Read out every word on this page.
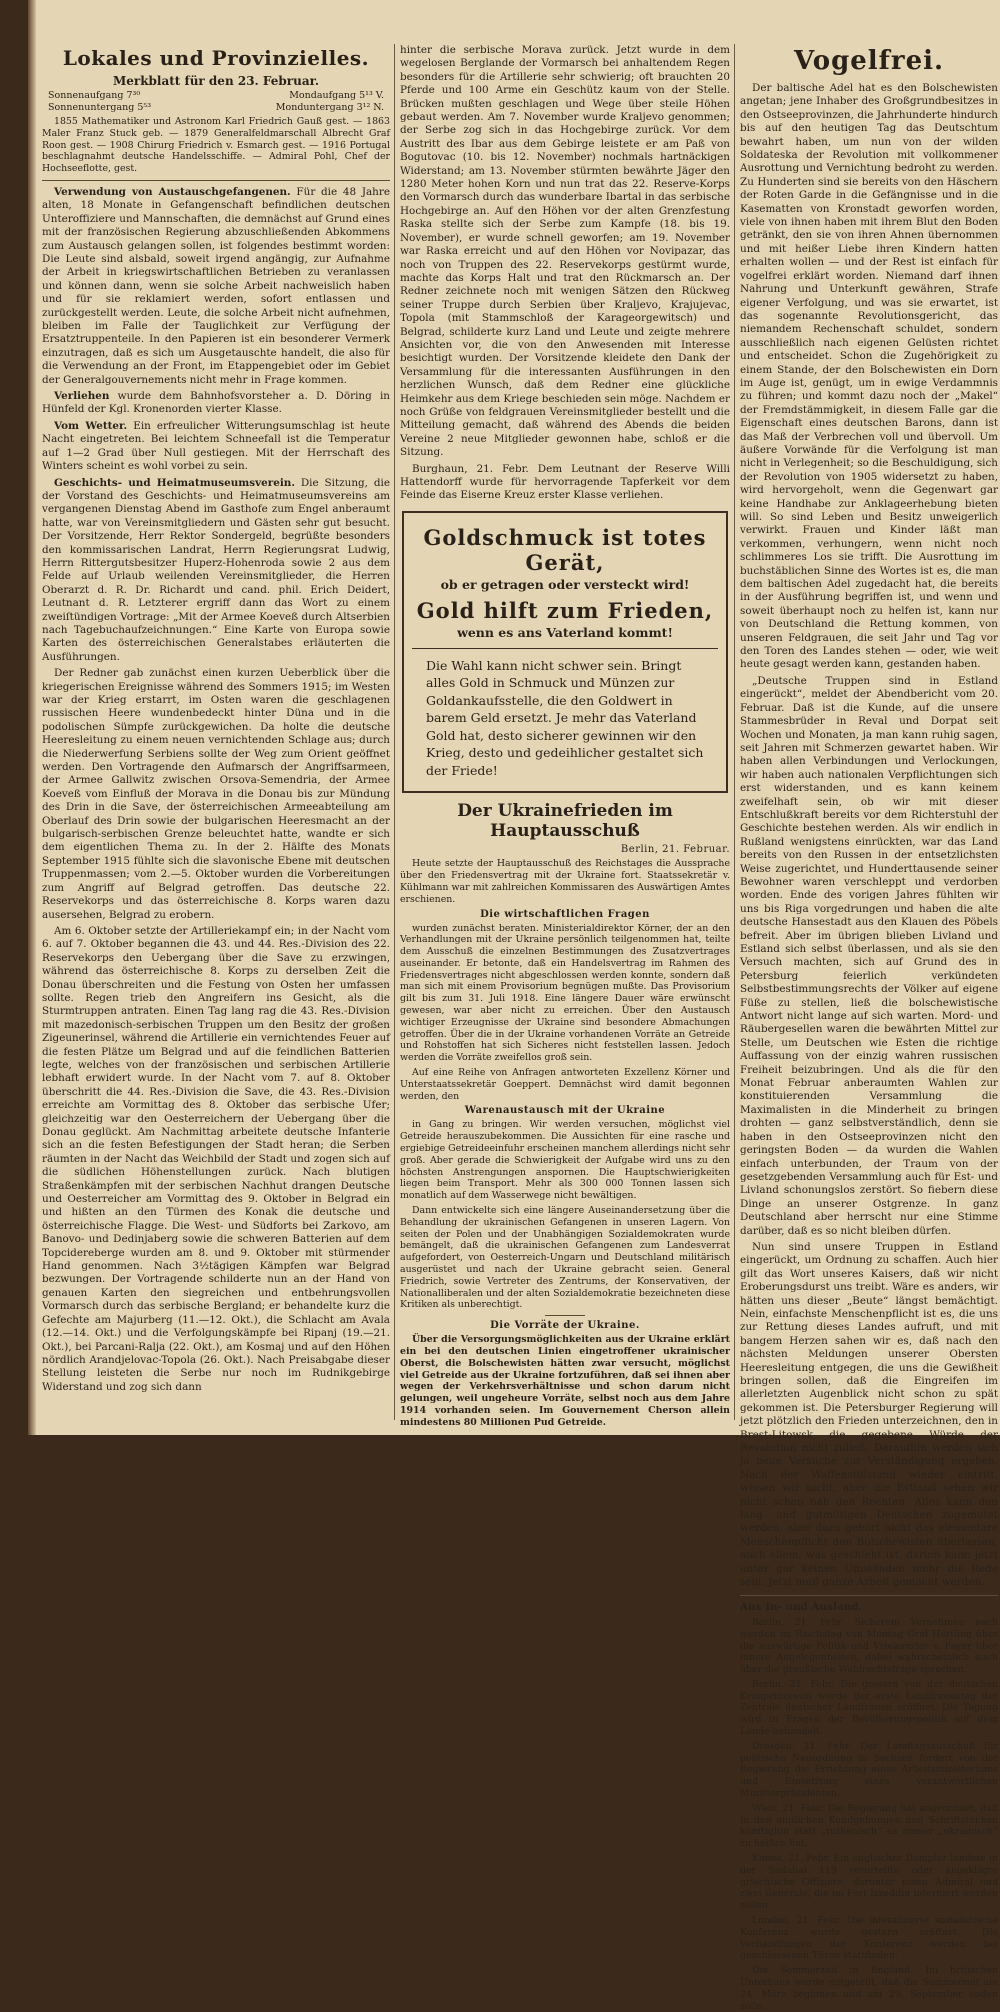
Lokales und Provinzielles.
Merkblatt für den 23. Februar.
Sonnenaufgang 7³⁰	Mondaufgang 5¹³ V.
Sonnenuntergang 5⁵³	Monduntergang 3¹² N.
1855 Mathematiker und Astronom Karl Friedrich Gauß gest. — 1863 Maler Franz Stuck geb. — 1879 Generalfeldmarschall Albrecht Graf Roon gest. — 1908 Chirurg Friedrich v. Esmarch gest. — 1916 Portugal beschlagnahmt deutsche Handelsschiffe. — Admiral Pohl, Chef der Hochseeflotte, gest.
Verwendung von Austauschgefangenen. Für die 48 Jahre alten, 18 Monate in Gefangenschaft befindlichen deutschen Unteroffiziere und Mannschaften, die demnächst auf Grund eines mit der französischen Regierung abzuschließenden Abkommens zum Austausch gelangen sollen, ist folgendes bestimmt worden: Die Leute sind alsbald, soweit irgend angängig, zur Aufnahme der Arbeit in kriegswirtschaftlichen Betrieben zu veranlassen und können dann, wenn sie solche Arbeit nachweislich haben und für sie reklamiert werden, sofort entlassen und zurückgestellt werden. Leute, die solche Arbeit nicht aufnehmen, bleiben im Falle der Tauglichkeit zur Verfügung der Ersatztruppenteile. In den Papieren ist ein besonderer Vermerk einzutragen, daß es sich um Ausgetauschte handelt, die also für die Verwendung an der Front, im Etappengebiet oder im Gebiet der Generalgouvernements nicht mehr in Frage kommen.
Verliehen wurde dem Bahnhofsvorsteher a. D. Döring in Hünfeld der Kgl. Kronenorden vierter Klasse.
Vom Wetter. Ein erfreulicher Witterungsumschlag ist heute Nacht eingetreten. Bei leichtem Schneefall ist die Temperatur auf 1—2 Grad über Null gestiegen. Mit der Herrschaft des Winters scheint es wohl vorbei zu sein.
Geschichts- und Heimatmuseumsverein. Die Sitzung, die der Vorstand des Geschichts- und Heimatmuseumsvereins am vergangenen Dienstag Abend im Gasthofe zum Engel anberaumt hatte, war von Vereinsmitgliedern und Gästen sehr gut besucht. Der Vorsitzende, Herr Rektor Sondergeld, begrüßte besonders den kommissarischen Landrat, Herrn Regierungsrat Ludwig, Herrn Rittergutsbesitzer Huperz-Hohenroda sowie 2 aus dem Felde auf Urlaub weilenden Vereinsmitglieder, die Herren Oberarzt d. R. Dr. Richardt und cand. phil. Erich Deidert, Leutnant d. R. Letzterer ergriff dann das Wort zu einem zweiſtündigen Vortrage: „Mit der Armee Koeveß durch Altserbien nach Tagebuchaufzeichnungen.“ Eine Karte von Europa sowie Karten des österreichischen Generalstabes erläuterten die Ausführungen.
Der Redner gab zunächst einen kurzen Ueberblick über die kriegerischen Ereignisse während des Sommers 1915; im Westen war der Krieg erstarrt, im Osten waren die geschlagenen russischen Heere wundenbedeckt hinter Düna und in die podolischen Sümpfe zurückgewichen. Da holte die deutsche Heeresleitung zu einem neuen vernichtenden Schlage aus; durch die Niederwerfung Serbiens sollte der Weg zum Orient geöffnet werden. Den Vortragende den Aufmarsch der Angriffsarmeen, der Armee Gallwitz zwischen Orsova-Semendria, der Armee Koeveß vom Einfluß der Morava in die Donau bis zur Mündung des Drin in die Save, der österreichischen Armeeabteilung am Oberlauf des Drin sowie der bulgarischen Heeresmacht an der bulgarisch-serbischen Grenze beleuchtet hatte, wandte er sich dem eigentlichen Thema zu. In der 2. Hälfte des Monats September 1915 fühlte sich die slavonische Ebene mit deutschen Truppenmassen; vom 2.—5. Oktober wurden die Vorbereitungen zum Angriff auf Belgrad getroffen. Das deutsche 22. Reservekorps und das österreichische 8. Korps waren dazu ausersehen, Belgrad zu erobern.
Am 6. Oktober setzte der Artilleriekampf ein; in der Nacht vom 6. auf 7. Oktober begannen die 43. und 44. Res.-Division des 22. Reservekorps den Uebergang über die Save zu erzwingen, während das österreichische 8. Korps zu derselben Zeit die Donau überschreiten und die Festung von Osten her umfassen sollte. Regen trieb den Angreifern ins Gesicht, als die Sturmtruppen antraten. Einen Tag lang rag die 43. Res.-Division mit mazedonisch-serbischen Truppen um den Besitz der großen Zigeunerinsel, während die Artillerie ein vernichtendes Feuer auf die festen Plätze um Belgrad und auf die feindlichen Batterien legte, welches von der französischen und serbischen Artillerie lebhaft erwidert wurde. In der Nacht vom 7. auf 8. Oktober überschritt die 44. Res.-Division die Save, die 43. Res.-Division erreichte am Vormittag des 8. Oktober das serbische Ufer; gleichzeitig war den Oesterreichern der Uebergang über die Donau geglückt. Am Nachmittag arbeitete deutsche Infanterie sich an die festen Befestigungen der Stadt heran; die Serben räumten in der Nacht das Weichbild der Stadt und zogen sich auf die südlichen Höhenstellungen zurück. Nach blutigen Straßenkämpfen mit der serbischen Nachhut drangen Deutsche und Oesterreicher am Vormittag des 9. Oktober in Belgrad ein und hißten an den Türmen des Konak die deutsche und österreichische Flagge. Die West- und Südforts bei Zarkovo, am Banovo- und Dedinjaberg sowie die schweren Batterien auf dem Topcidereberge wurden am 8. und 9. Oktober mit stürmender Hand genommen. Nach 3½tägigen Kämpfen war Belgrad bezwungen. Der Vortragende schilderte nun an der Hand von genauen Karten den siegreichen und entbehrungsvollen Vormarsch durch das serbische Bergland; er behandelte kurz die Gefechte am Majurberg (11.—12. Okt.), die Schlacht am Avala (12.—14. Okt.) und die Verfolgungskämpfe bei Ripanj (19.—21. Okt.), bei Parcani-Ralja (22. Okt.), am Kosmaj und auf den Höhen nördlich Arandjelovac-Topola (26. Okt.). Nach Preisabgabe dieser Stellung leisteten die Serbe nur noch im Rudnikgebirge Widerstand und zog sich dann
hinter die serbische Morava zurück. Jetzt wurde in dem wegelosen Berglande der Vormarsch bei anhaltendem Regen besonders für die Artillerie sehr schwierig; oft brauchten 20 Pferde und 100 Arme ein Geschütz kaum von der Stelle. Brücken mußten geschlagen und Wege über steile Höhen gebaut werden. Am 7. November wurde Kraljevo genommen; der Serbe zog sich in das Hochgebirge zurück. Vor dem Austritt des Ibar aus dem Gebirge leistete er am Paß von Bogutovac (10. bis 12. November) nochmals hartnäckigen Widerstand; am 13. November stürmten bewährte Jäger den 1280 Meter hohen Korn und nun trat das 22. Reserve-Korps den Vormarsch durch das wunderbare Ibartal in das serbische Hochgebirge an. Auf den Höhen vor der alten Grenzfestung Raska stellte sich der Serbe zum Kampfe (18. bis 19. November), er wurde schnell geworfen; am 19. November war Raska erreicht und auf den Höhen vor Novipazar, das noch von Truppen des 22. Reservekorps gestürmt wurde, machte das Korps Halt und trat den Rückmarsch an. Der Redner zeichnete noch mit wenigen Sätzen den Rückweg seiner Truppe durch Serbien über Kraljevo, Krajujevac, Topola (mit Stammschloß der Karageorgewitsch) und Belgrad, schilderte kurz Land und Leute und zeigte mehrere Ansichten vor, die von den Anwesenden mit Interesse besichtigt wurden. Der Vorsitzende kleidete den Dank der Versammlung für die interessanten Ausführungen in den herzlichen Wunsch, daß dem Redner eine glückliche Heimkehr aus dem Kriege beschieden sein möge. Nachdem er noch Grüße von feldgrauen Vereinsmitglieder bestellt und die Mitteilung gemacht, daß während des Abends die beiden Vereine 2 neue Mitglieder gewonnen habe, schloß er die Sitzung.
Burghaun, 21. Febr. Dem Leutnant der Reserve Willi Hattendorff wurde für hervorragende Tapferkeit vor dem Feinde das Eiserne Kreuz erster Klasse verliehen.
Goldschmuck ist totes Gerät,
ob er getragen oder versteckt wird!
Gold hilft zum Frieden,
wenn es ans Vaterland kommt!
Die Wahl kann nicht schwer sein. Bringt alles Gold in Schmuck und Münzen zur Goldankaufsstelle, die den Goldwert in barem Geld ersetzt. Je mehr das Vaterland Gold hat, desto sicherer gewinnen wir den Krieg, desto und gedeihlicher gestaltet sich der Friede!
Der Ukrainefrieden im Hauptausschuß
Berlin, 21. Februar.
Heute setzte der Hauptausschuß des Reichstages die Aussprache über den Friedensvertrag mit der Ukraine fort. Staatssekretär v. Kühlmann war mit zahlreichen Kommissaren des Auswärtigen Amtes erschienen.
Die wirtschaftlichen Fragen
wurden zunächst beraten. Ministerialdirektor Körner, der an den Verhandlungen mit der Ukraine persönlich teilgenommen hat, teilte dem Ausschuß die einzelnen Bestimmungen des Zusatzvertrages auseinander. Er betonte, daß ein Handelsvertrag im Rahmen des Friedensvertrages nicht abgeschlossen werden konnte, sondern daß man sich mit einem Provisorium begnügen mußte. Das Provisorium gilt bis zum 31. Juli 1918. Eine längere Dauer wäre erwünscht gewesen, war aber nicht zu erreichen. Über den Austausch wichtiger Erzeugnisse der Ukraine sind besondere Abmachungen getroffen. Über die in der Ukraine vorhandenen Vorräte an Getreide und Rohstoffen hat sich Sicheres nicht feststellen lassen. Jedoch werden die Vorräte zweifellos groß sein.
Auf eine Reihe von Anfragen antworteten Exzellenz Körner und Unterstaatssekretär Goeppert. Demnächst wird damit begonnen werden, den
Warenaustausch mit der Ukraine
in Gang zu bringen. Wir werden versuchen, möglichst viel Getreide herauszubekommen. Die Aussichten für eine rasche und ergiebige Getreideeinfuhr erscheinen manchem allerdings nicht sehr groß. Aber gerade die Schwierigkeit der Aufgabe wird uns zu den höchsten Anstrengungen anspornen. Die Hauptschwierigkeiten liegen beim Transport. Mehr als 300 000 Tonnen lassen sich monatlich auf dem Wasserwege nicht bewältigen.
Dann entwickelte sich eine längere Auseinandersetzung über die Behandlung der ukrainischen Gefangenen in unseren Lagern. Von seiten der Polen und der Unabhängigen Sozialdemokraten wurde bemängelt, daß die ukrainischen Gefangenen zum Landesverrat aufgefordert, von Oesterreich-Ungarn und Deutschland militärisch ausgerüstet und nach der Ukraine gebracht seien. General Friedrich, sowie Vertreter des Zentrums, der Konservativen, der Nationalliberalen und der alten Sozialdemokratie bezeichneten diese Kritiken als unberechtigt.
Die Vorräte der Ukraine.
Über die Versorgungsmöglichkeiten aus der Ukraine erklärt ein bei den deutschen Linien eingetroffener ukrainischer Oberst, die Bolschewisten hätten zwar versucht, möglichst viel Getreide aus der Ukraine fortzuführen, daß sei ihnen aber wegen der Verkehrsverhältnisse und schon darum nicht gelungen, weil ungeheure Vorräte, selbst noch aus dem Jahre 1914 vorhanden seien. Im Gouvernement Cherson allein mindestens 80 Millionen Pud Getreide.
Vogelfrei.
Der baltische Adel hat es den Bolschewisten angetan; jene Inhaber des Großgrundbesitzes in den Ostseeprovinzen, die Jahrhunderte hindurch bis auf den heutigen Tag das Deutschtum bewahrt haben, um nun von der wilden Soldateska der Revolution mit vollkommener Ausrottung und Vernichtung bedroht zu werden. Zu Hunderten sind sie bereits von den Häschern der Roten Garde in die Gefängnisse und in die Kasematten von Kronstadt geworfen worden, viele von ihnen haben mit ihrem Blut den Boden getränkt, den sie von ihren Ahnen übernommen und mit heißer Liebe ihren Kindern hatten erhalten wollen — und der Rest ist einfach für vogelfrei erklärt worden. Niemand darf ihnen Nahrung und Unterkunft gewähren, Strafe eigener Verfolgung, und was sie erwartet, ist das sogenannte Revolutionsgericht, das niemandem Rechenschaft schuldet, sondern ausschließlich nach eigenen Gelüsten richtet und entscheidet. Schon die Zugehörigkeit zu einem Stande, der den Bolschewisten ein Dorn im Auge ist, genügt, um in ewige Verdammnis zu führen; und kommt dazu noch der „Makel“ der Fremdstämmigkeit, in diesem Falle gar die Eigenschaft eines deutschen Barons, dann ist das Maß der Verbrechen voll und übervoll. Um äußere Vorwände für die Verfolgung ist man nicht in Verlegenheit; so die Beschuldigung, sich der Revolution von 1905 widersetzt zu haben, wird hervorgeholt, wenn die Gegenwart gar keine Handhabe zur Anklageerhebung bieten will. So sind Leben und Besitz unweigerlich verwirkt. Frauen und Kinder läßt man verkommen, verhungern, wenn nicht noch schlimmeres Los sie trifft. Die Ausrottung im buchstäblichen Sinne des Wortes ist es, die man dem baltischen Adel zugedacht hat, die bereits in der Ausführung begriffen ist, und wenn und soweit überhaupt noch zu helfen ist, kann nur von Deutschland die Rettung kommen, von unseren Feldgrauen, die seit Jahr und Tag vor den Toren des Landes stehen — oder, wie weit heute gesagt werden kann, gestanden haben.
„Deutsche Truppen sind in Estland eingerückt“, meldet der Abendbericht vom 20. Februar. Daß ist die Kunde, auf die unsere Stammesbrüder in Reval und Dorpat seit Wochen und Monaten, ja man kann ruhig sagen, seit Jahren mit Schmerzen gewartet haben. Wir haben allen Verbindungen und Verlockungen, wir haben auch nationalen Verpflichtungen sich erst widerstanden, und es kann keinem zweifelhaft sein, ob wir mit dieser Entschlußkraft bereits vor dem Richterstuhl der Geschichte bestehen werden. Als wir endlich in Rußland wenigstens einrückten, war das Land bereits von den Russen in der entsetzlichsten Weise zugerichtet, und Hunderttausende seiner Bewohner waren verschleppt und verdorben worden. Ende des vorigen Jahres fühlten wir uns bis Riga vorgedrungen und haben die alte deutsche Hansestadt aus den Klauen des Pöbels befreit. Aber im übrigen blieben Livland und Estland sich selbst überlassen, und als sie den Versuch machten, sich auf Grund des in Petersburg feierlich verkündeten Selbstbestimmungsrechts der Völker auf eigene Füße zu stellen, ließ die bolschewistische Antwort nicht lange auf sich warten. Mord- und Räubergesellen waren die bewährten Mittel zur Stelle, um Deutschen wie Esten die richtige Auffassung von der einzig wahren russischen Freiheit beizubringen. Und als die für den Monat Februar anberaumten Wahlen zur konstituierenden Versammlung die Maximalisten in die Minderheit zu bringen drohten — ganz selbstverständlich, denn sie haben in den Ostseeprovinzen nicht den geringsten Boden — da wurden die Wahlen einfach unterbunden, der Traum von der gesetzgebenden Versammlung auch für Est- und Livland schonungslos zerstört. So fiebern diese Dinge an unserer Ostgrenze. In ganz Deutschland aber herrscht nur eine Stimme darüber, daß es so nicht bleiben dürfen.
Nun sind unsere Truppen in Estland eingerückt, um Ordnung zu schaffen. Auch hier gilt das Wort unseres Kaisers, daß wir nicht Eroberungsdurst uns treibt. Wäre es anders, wir hätten uns dieser „Beute“ längst bemächtigt. Nein, einfachste Menschenpflicht ist es, die uns zur Rettung dieses Landes aufruft, und mit bangem Herzen sahen wir es, daß nach den nächsten Meldungen unserer Obersten Heeresleitung entgegen, die uns die Gewißheit bringen sollen, daß die Eingreifen im allerletzten Augenblick nicht schon zu spät gekommen ist. Die Petersburger Regierung will jetzt plötzlich den Frieden unterzeichnen, den in Brest-Litowsk die gegebene Würde der Revolution nicht zuließ. Daraufhin werden sich ja neue Versuche zur Verständigung ergeben. Nach der Waffenstillstand wieder eintritt, wissen wir nicht, aber die Estland sehen wir nicht schon nah den Rechten. Alles kann den lang- und gutmütigen Deutschen zugemutet werden, aber dazu gehört nicht das elementare Menschenpflicht den Bolschewisten überlassen, auch allem, was geschieht ist, darum kann jetzt unter gar keinen Umständen mehr die Rede sein. Jetzt muß ganze Arbeit gemacht werden.
Aus In- und Ausland.
Berlin, 21. Febr. Sicherem Vernehmen nach werden im Reichstag von Montag Graf Hertling über die auswärtige Politik und Vizekanzler v. Payer über innere Angelegenheiten, dabei wahrscheinlich auch über die preußische Wahlrechtsfrage sprechen.
Berlin, 21. Febr. Die gestern von der deutschen Kronprinzessin wurde der erste Landfrauentag der Zentrale deutscher Landfrauen eröffnet. Die Tagung wird in Fragen der Bevölkerungspolitik auf dem Lande behandelt.
Dresden, 21. Febr. Der Landtagsausschuß für politische Neuordnung in Sachsen fordert von der Regierung die Errichtung eines Arbeitsministeriums und Einsetzung eines verantwortlichen Ministerpräsidenten.
Wien, 21. Febr. Die Regierung hat angeordnet, daß in den amtlichen Kundgebungen und Schriftstücken künftighin statt „ruthenisch“ es immer „ukrainisch“ zu heißen hat.
Kanea, 21. Febr. Ein englischer Dampfer landete in der Sudabai 119 verurteilte oder angeklagte griechische Offiziere, darunter einen Admiral und zwei Generale, die im Fort Izzeddin interniert werden sollen.
London, 21. Febr. Die interalliierte sozialistische Konferenz wurde gestern eröffnet. Die Verhandlungen der Konferenz werden bei geschlossenen Türen stattfinden.
Die Sommerzeit in England. Im britischen Unterhaus wurde mitgeteilt, daß die Sommerzeit am 24. März beginnen und am 29. September enden solle.
